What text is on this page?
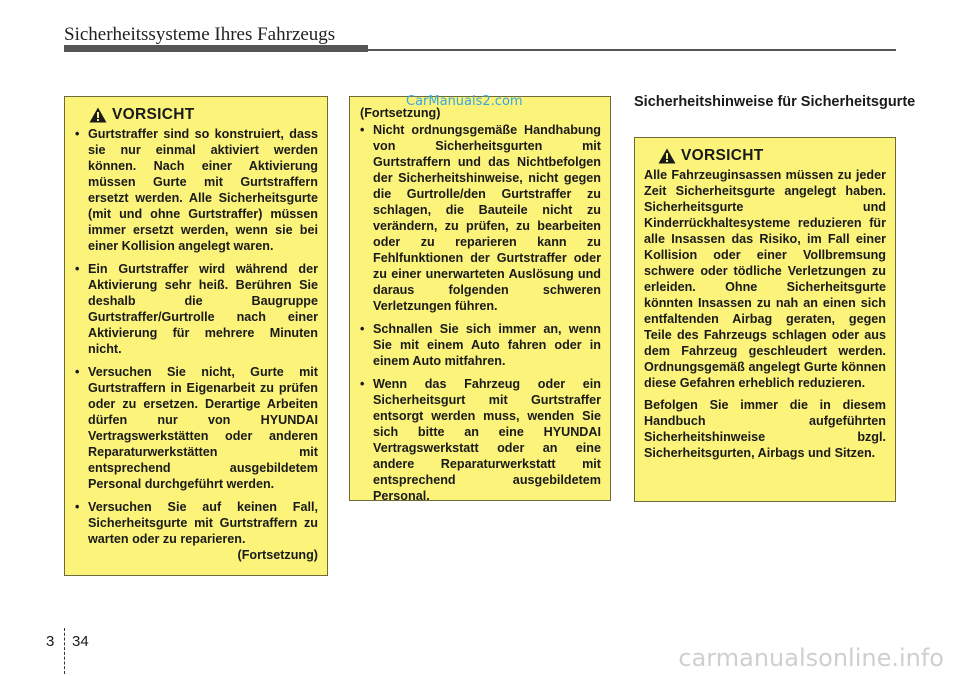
Sicherheitssysteme Ihres Fahrzeugs
VORSICHT
• Gurtstraffer sind so konstruiert, dass sie nur einmal aktiviert werden können. Nach einer Aktivierung müssen Gurte mit Gurtstraffern ersetzt werden. Alle Sicherheitsgurte (mit und ohne Gurtstraffer) müssen immer ersetzt werden, wenn sie bei einer Kollision angelegt waren.
• Ein Gurtstraffer wird während der Aktivierung sehr heiß. Berühren Sie deshalb die Baugruppe Gurtstraffer/Gurtrolle nach einer Aktivierung für mehrere Minuten nicht.
• Versuchen Sie nicht, Gurte mit Gurtstraffern in Eigenarbeit zu prüfen oder zu ersetzen. Derartige Arbeiten dürfen nur von HYUNDAI Vertragswerkstätten oder anderen Reparaturwerkstätten mit entsprechend ausgebildetem Personal durchgeführt werden.
• Versuchen Sie auf keinen Fall, Sicherheitsgurte mit Gurtstraffern zu warten oder zu reparieren.
(Fortsetzung)
(Fortsetzung)
• Nicht ordnungsgemäße Handhabung von Sicherheitsgurten mit Gurtstraffern und das Nichtbefolgen der Sicherheitshinweise, nicht gegen die Gurtrolle/den Gurtstraffer zu schlagen, die Bauteile nicht zu verändern, zu prüfen, zu bearbeiten oder zu reparieren kann zu Fehlfunktionen der Gurtstraffer oder zu einer unerwarteten Auslösung und daraus folgenden schweren Verletzungen führen.
• Schnallen Sie sich immer an, wenn Sie mit einem Auto fahren oder in einem Auto mitfahren.
• Wenn das Fahrzeug oder ein Sicherheitsgurt mit Gurtstraffer entsorgt werden muss, wenden Sie sich bitte an eine HYUNDAI Vertragswerkstatt oder an eine andere Reparaturwerkstatt mit entsprechend ausgebildetem Personal.
CarManuals2.com	Sicherheitshinweise für Sicherheitsgurte
VORSICHT

Alle Fahrzeuginsassen müssen zu jeder Zeit Sicherheitsgurte angelegt haben. Sicherheitsgurte und Kinderrückhaltesysteme reduzieren für alle Insassen das Risiko, im Fall einer Kollision oder einer Vollbremsung schwere oder tödliche Verletzungen zu erleiden. Ohne Sicherheitsgurte könnten Insassen zu nah an einen sich entfaltenden Airbag geraten, gegen Teile des Fahrzeugs schlagen oder aus dem Fahrzeug geschleudert werden. Ordnungsgemäß angelegt Gurte können diese Gefahren erheblich reduzieren.

Befolgen Sie immer die in diesem Handbuch aufgeführten Sicherheitshinweise bzgl. Sicherheitsgurten, Airbags und Sitzen.

3 34
carmanualsonline.info
